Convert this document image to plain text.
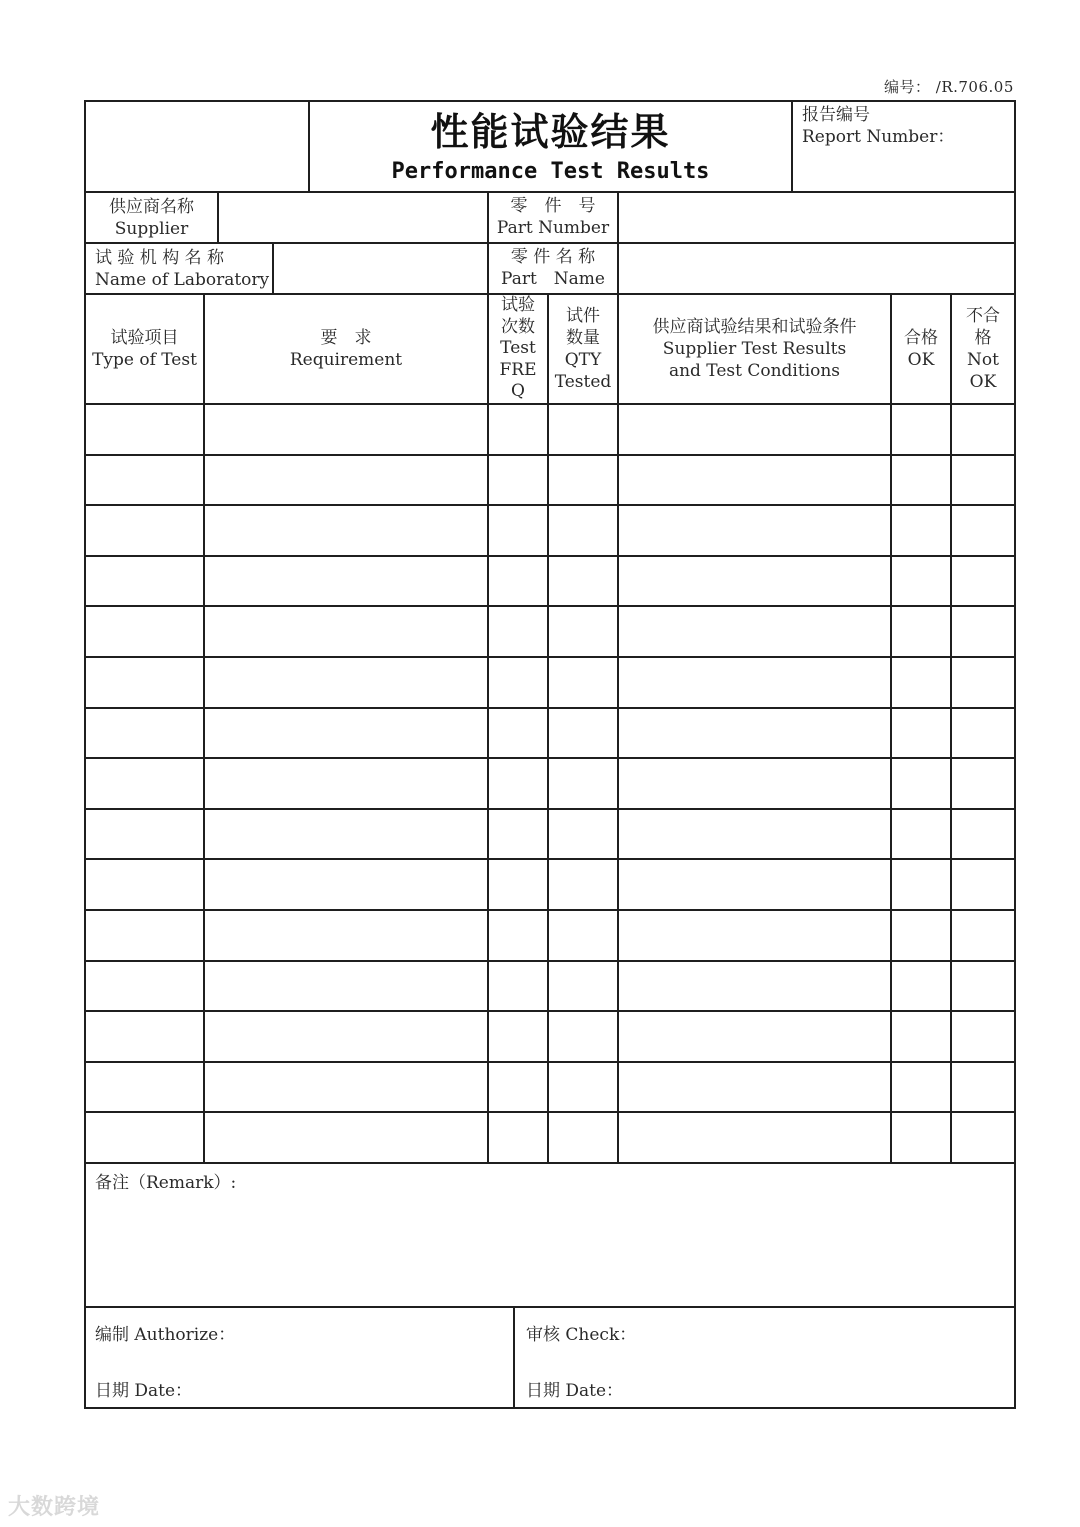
编号： /R.706.05
性能试验结果
Performance Test Results
报告编号
Report Number：
供应商名称
Supplier
零　件　号
Part Number
试 验 机 构 名 称
Name of Laboratory
零 件 名 称
Part　Name
试验项目
Type of Test
要　求
Requirement
试验
次数
Test
FRE
Q
试件
数量
QTY
Tested
供应商试验结果和试验条件
Supplier Test Results
and Test Conditions
合格
OK
不合
格
Not
OK
备注（Remark）:
编制 Authorize：
日期 Date：
审核 Check：
日期 Date：
大数跨境
